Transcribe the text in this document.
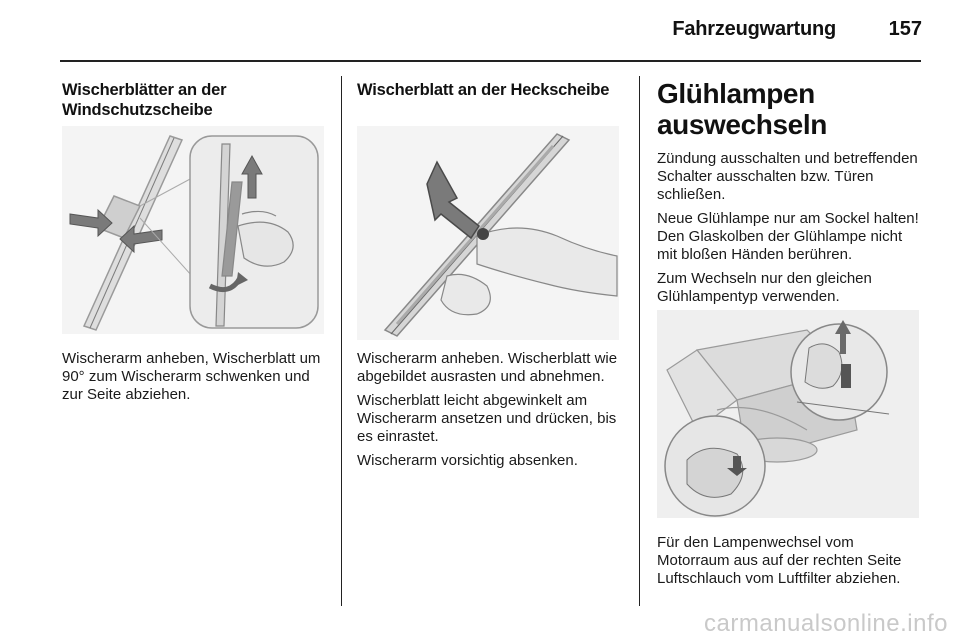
Fahrzeugwartung	157
Wischerblätter an der Windschutzscheibe

Wischerarm anheben, Wischerblatt um 90° zum Wischerarm schwenken und zur Seite abziehen.

Wischerblatt an der Heckscheibe

Wischerarm anheben. Wischerblatt wie abgebildet ausrasten und abnehmen.

Wischerblatt leicht abgewinkelt am Wischerarm ansetzen und drücken, bis es einrastet.

Wischerarm vorsichtig absenken.

Glühlampen auswechseln

Zündung ausschalten und betreffenden Schalter ausschalten bzw. Türen schließen.

Neue Glühlampe nur am Sockel halten! Den Glaskolben der Glühlampe nicht mit bloßen Händen berühren.

Zum Wechseln nur den gleichen Glühlampentyp verwenden.

Für den Lampenwechsel vom Motorraum aus auf der rechten Seite Luftschlauch vom Luftfilter abziehen.

carmanualsonline.info
